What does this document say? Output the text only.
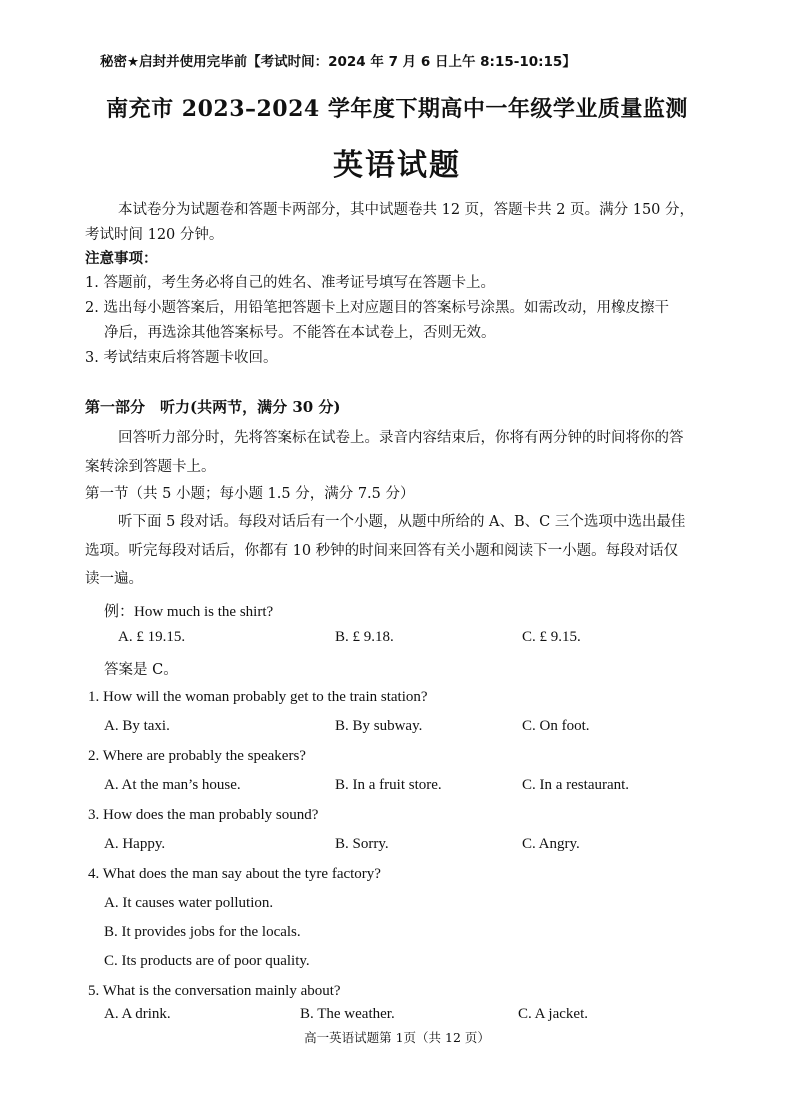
秘密★启封并使用完毕前【考试时间：2024 年 7 月 6 日上午 8:15-10:15】
南充市 2023–2024 学年度下期高中一年级学业质量监测
英语试题
本试卷分为试题卷和答题卡两部分，其中试题卷共 12 页，答题卡共 2 页。满分 150 分，
考试时间 120 分钟。
注意事项：
1. 答题前，考生务必将自己的姓名、准考证号填写在答题卡上。
2. 选出每小题答案后，用铅笔把答题卡上对应题目的答案标号涂黑。如需改动，用橡皮擦干
净后，再选涂其他答案标号。不能答在本试卷上，否则无效。
3. 考试结束后将答题卡收回。
第一部分　听力(共两节，满分 30 分)
回答听力部分时，先将答案标在试卷上。录音内容结束后，你将有两分钟的时间将你的答
案转涂到答题卡上。
第一节（共 5 小题；每小题 1.5 分，满分 7.5 分）
听下面 5 段对话。每段对话后有一个小题，从题中所给的 A、B、C 三个选项中选出最佳
选项。听完每段对话后，你都有 10 秒钟的时间来回答有关小题和阅读下一小题。每段对话仅
读一遍。
例：How much is the shirt?
A. £ 19.15.	B. £ 9.18.	C. £ 9.15.
答案是 C。
1. How will the woman probably get to the train station?
A. By taxi.	B. By subway.	C. On foot.
2. Where are probably the speakers?
A. At the man’s house.	B. In a fruit store.	C. In a restaurant.
3. How does the man probably sound?
A. Happy.	B. Sorry.	C. Angry.
4. What does the man say about the tyre factory?
A. It causes water pollution.
B. It provides jobs for the locals.
C. Its products are of poor quality.
5. What is the conversation mainly about?
A. A drink.	B. The weather.	C. A jacket.
高一英语试题第 1页（共 12 页）
